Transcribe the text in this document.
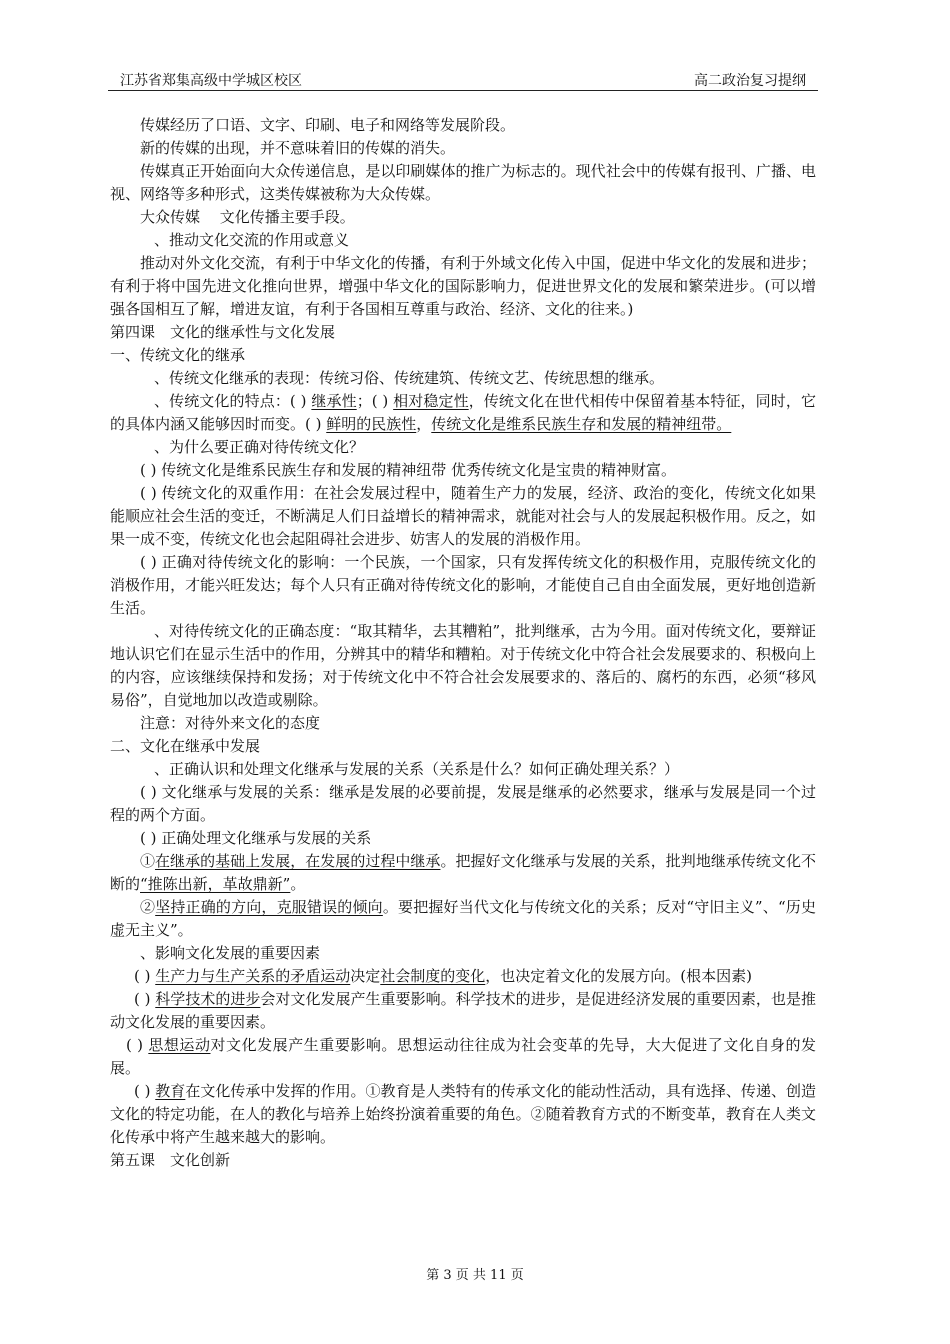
江苏省郑集高级中学城区校区	高二政治复习提纲

传媒经历了口语、文字、印刷、电子和网络等发展阶段。

新的传媒的出现，并不意味着旧的传媒的消失。

传媒真正开始面向大众传递信息，是以印刷媒体的推广为标志的。现代社会中的传媒有报刊、广播、电视、网络等多种形式，这类传媒被称为大众传媒。

大众传媒　 文化传播主要手段。

、推动文化交流的作用或意义

推动对外文化交流，有利于中华文化的传播，有利于外域文化传入中国，促进中华文化的发展和进步；有利于将中国先进文化推向世界，增强中华文化的国际影响力，促进世界文化的发展和繁荣进步。(可以增强各国相互了解，增进友谊，有利于各国相互尊重与政治、经济、文化的往来。)

第四课　文化的继承性与文化发展

一、传统文化的继承

、传统文化继承的表现：传统习俗、传统建筑、传统文艺、传统思想的继承。

、传统文化的特点：( ) 继承性；( ) 相对稳定性，传统文化在世代相传中保留着基本特征，同时，它的具体内涵又能够因时而变。( ) 鲜明的民族性，传统文化是维系民族生存和发展的精神纽带。

、为什么要正确对待传统文化？

( ) 传统文化是维系民族生存和发展的精神纽带 优秀传统文化是宝贵的精神财富。

( ) 传统文化的双重作用：在社会发展过程中，随着生产力的发展，经济、政治的变化，传统文化如果能顺应社会生活的变迁，不断满足人们日益增长的精神需求，就能对社会与人的发展起积极作用。反之，如果一成不变，传统文化也会起阻碍社会进步、妨害人的发展的消极作用。

( ) 正确对待传统文化的影响：一个民族，一个国家，只有发挥传统文化的积极作用，克服传统文化的消极作用，才能兴旺发达；每个人只有正确对待传统文化的影响，才能使自己自由全面发展，更好地创造新生活。

、对待传统文化的正确态度：“取其精华，去其糟粕”，批判继承，古为今用。面对传统文化，要辩证地认识它们在显示生活中的作用，分辨其中的精华和糟粕。对于传统文化中符合社会发展要求的、积极向上的内容，应该继续保持和发扬；对于传统文化中不符合社会发展要求的、落后的、腐朽的东西，必须“移风易俗”，自觉地加以改造或剔除。

注意：对待外来文化的态度

二、文化在继承中发展

、正确认识和处理文化继承与发展的关系（关系是什么？如何正确处理关系？）

( ) 文化继承与发展的关系：继承是发展的必要前提，发展是继承的必然要求，继承与发展是同一个过程的两个方面。

( ) 正确处理文化继承与发展的关系

①在继承的基础上发展，在发展的过程中继承。把握好文化继承与发展的关系，批判地继承传统文化不断的“推陈出新，革故鼎新”。

②坚持正确的方向，克服错误的倾向。要把握好当代文化与传统文化的关系；反对“守旧主义”、“历史虚无主义”。

、影响文化发展的重要因素

( ) 生产力与生产关系的矛盾运动决定社会制度的变化，也决定着文化的发展方向。(根本因素)

( ) 科学技术的进步会对文化发展产生重要影响。科学技术的进步，是促进经济发展的重要因素，也是推动文化发展的重要因素。

( ) 思想运动对文化发展产生重要影响。思想运动往往成为社会变革的先导，大大促进了文化自身的发展。

( ) 教育在文化传承中发挥的作用。①教育是人类特有的传承文化的能动性活动，具有选择、传递、创造文化的特定功能，在人的教化与培养上始终扮演着重要的角色。②随着教育方式的不断变革，教育在人类文化传承中将产生越来越大的影响。

第五课　文化创新

第 3 页 共 11 页
